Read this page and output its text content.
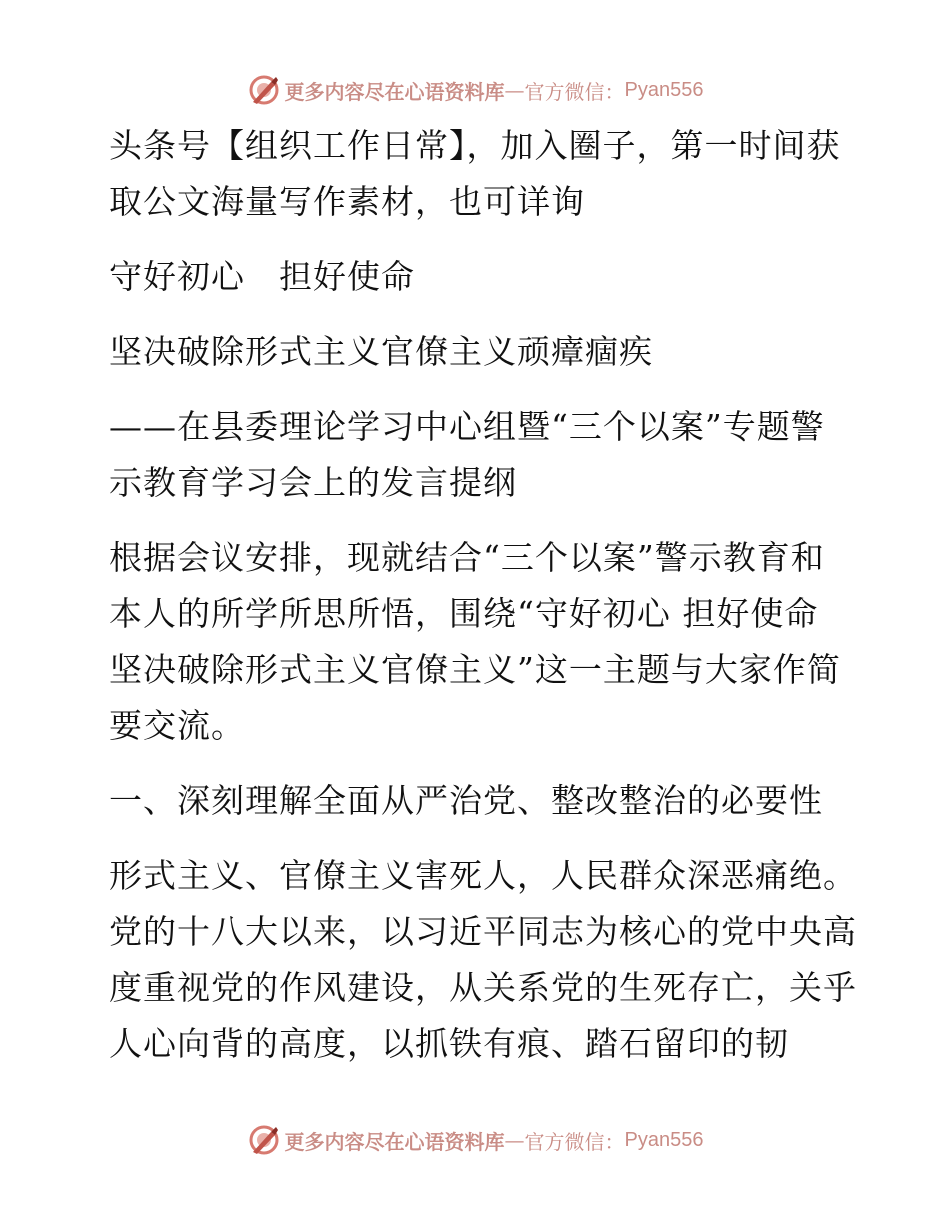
更多内容尽在心语资料库 — 官方微信： Pyan556

头条号【组织工作日常】，加入圈子，第一时间获取公文海量写作素材，也可详询

守好初心　担好使命

坚决破除形式主义官僚主义顽瘴痼疾

——在县委理论学习中心组暨“三个以案”专题警示教育学习会上的发言提纲

根据会议安排，现就结合“三个以案”警示教育和本人的所学所思所悟，围绕“守好初心 担好使命 坚决破除形式主义官僚主义”这一主题与大家作简要交流。

一、深刻理解全面从严治党、整改整治的必要性

形式主义、官僚主义害死人，人民群众深恶痛绝。党的十八大以来，以习近平同志为核心的党中央高度重视党的作风建设，从关系党的生死存亡，关乎人心向背的高度，以抓铁有痕、踏石留印的韧

更多内容尽在心语资料库 — 官方微信： Pyan556
